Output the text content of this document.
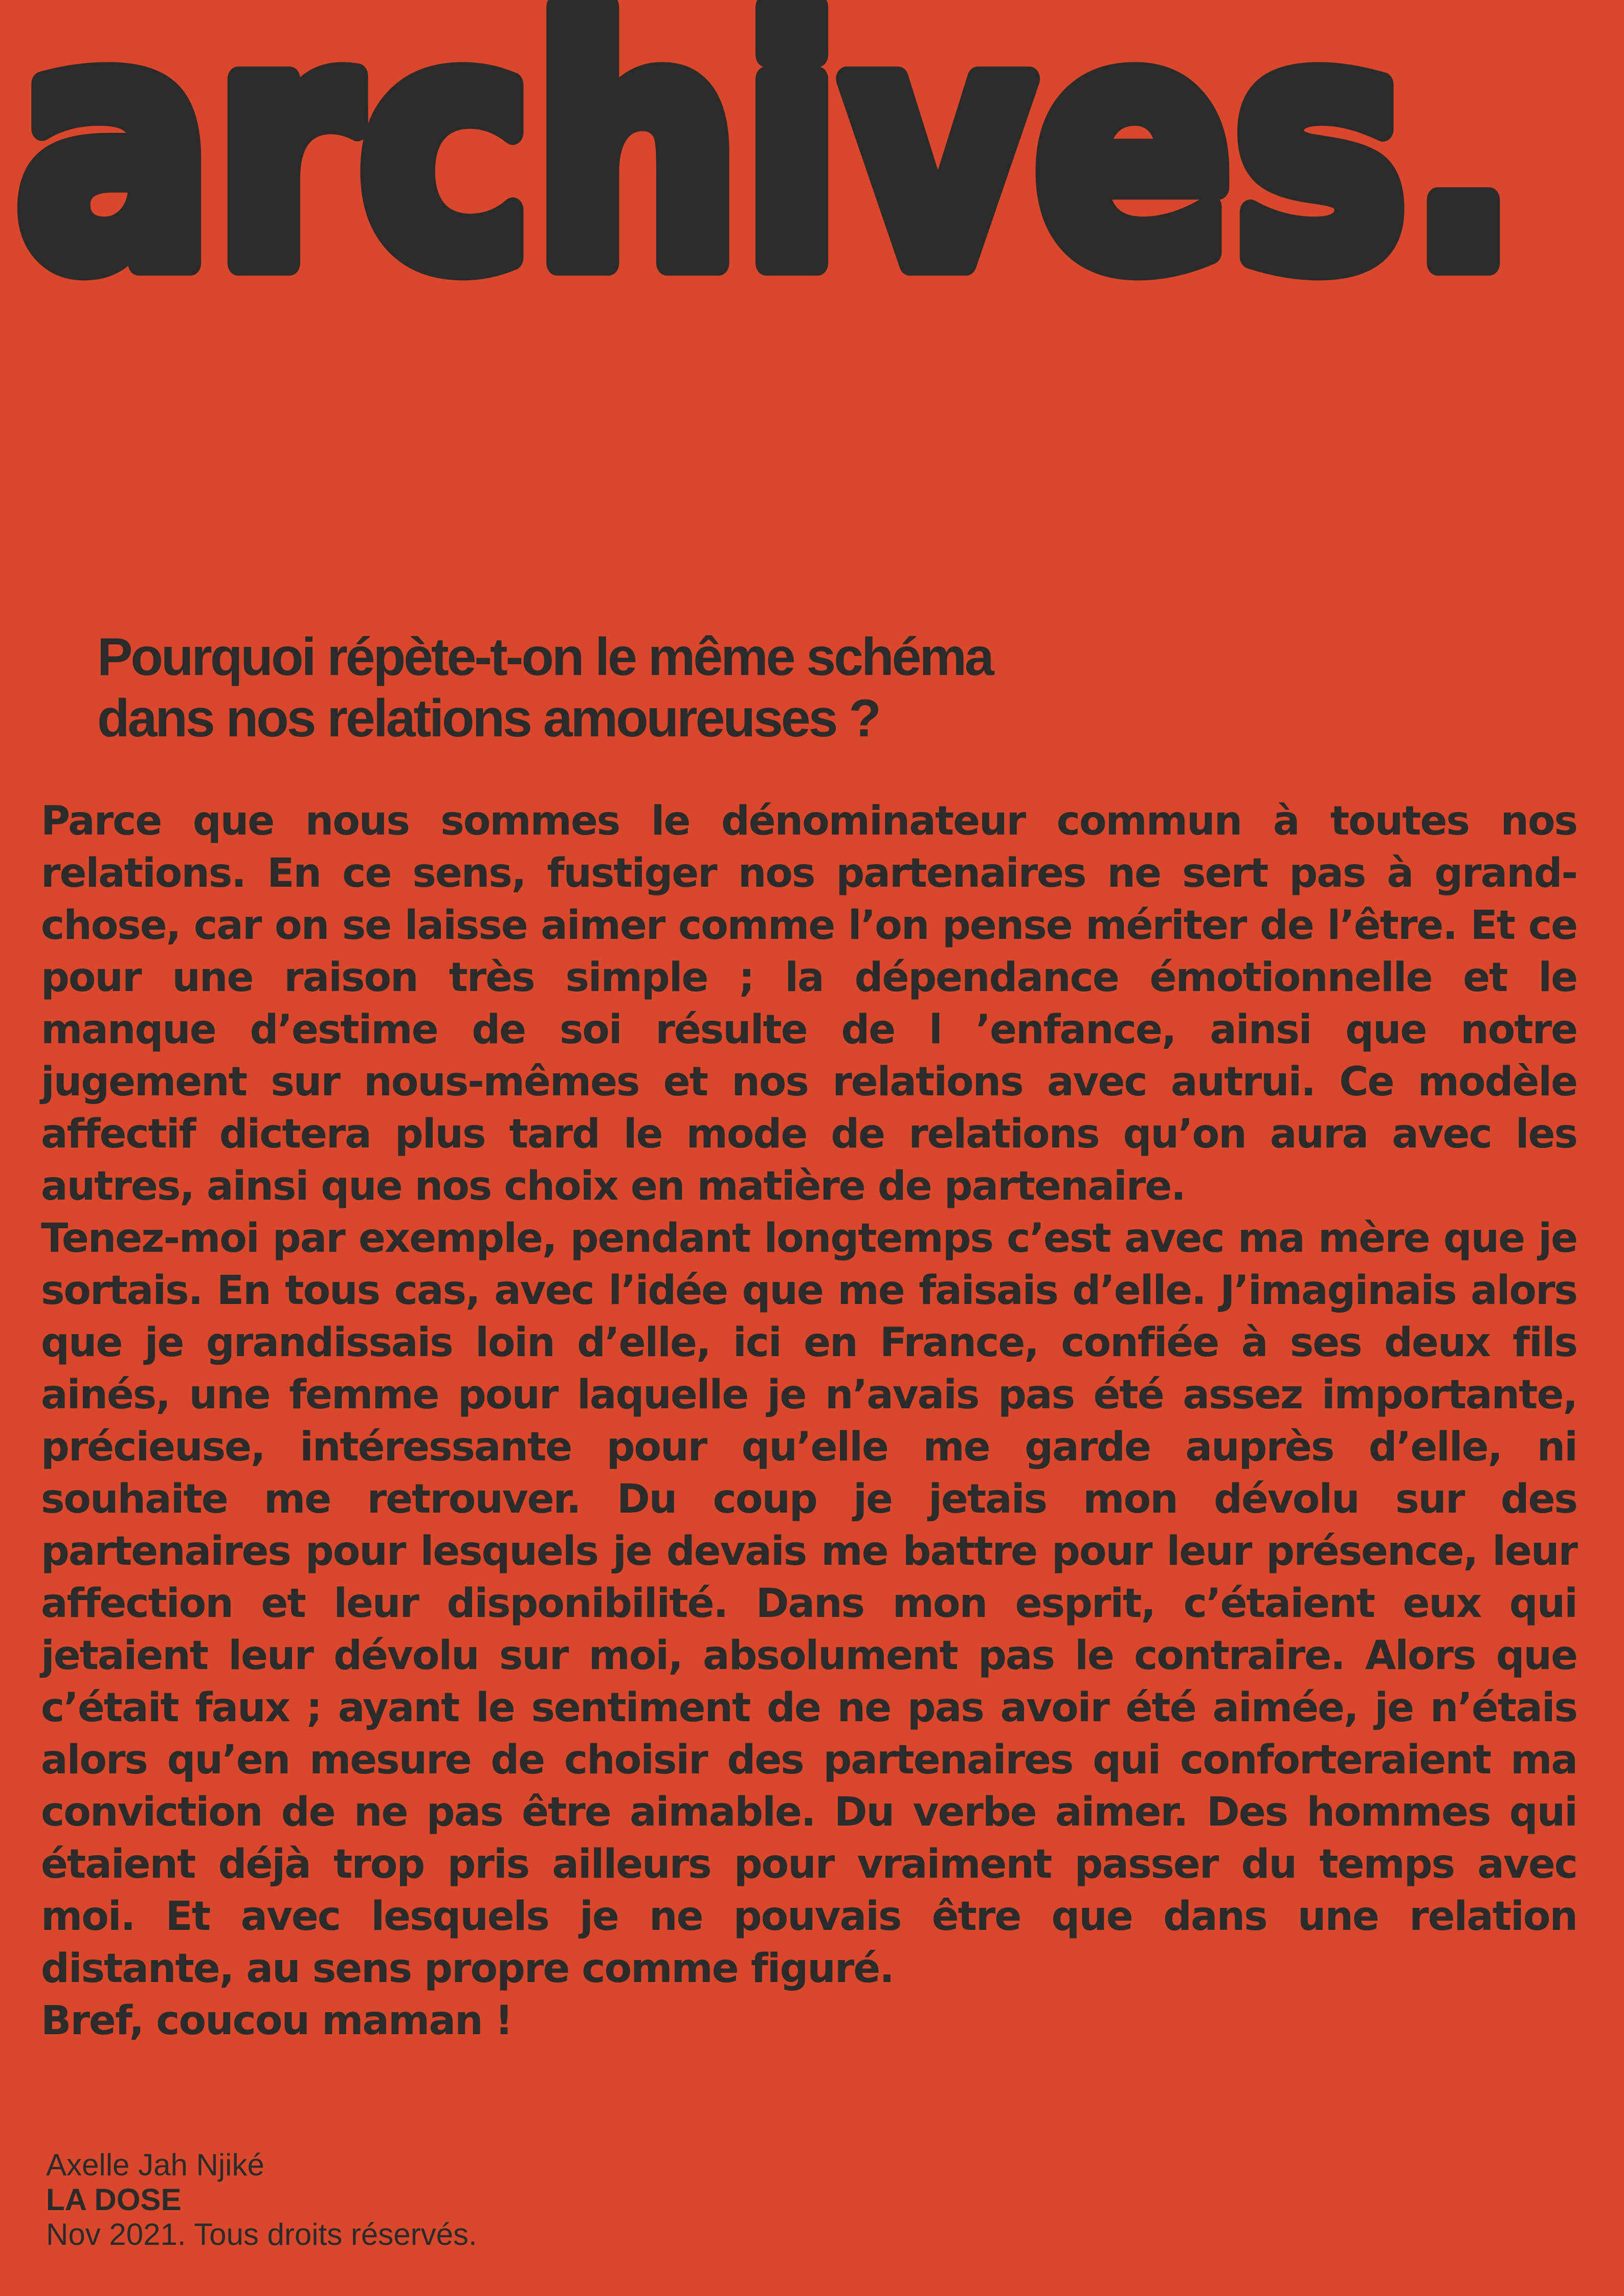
archives.
Pourquoi répète-t-on le même schéma
dans nos relations amoureuses ?

Parce que nous sommes le dénominateur commun à toutes nos relations. En ce sens, fustiger nos partenaires ne sert pas à grand-chose, car on se laisse aimer comme l’on pense mériter de l’être. Et ce pour une raison très simple ; la dépendance émotionnelle et le manque d’estime de soi résulte de l ’enfance, ainsi que notre jugement sur nous-mêmes et nos relations avec autrui. Ce modèle affectif dictera plus tard le mode de relations qu’on aura avec les autres, ainsi que nos choix en matière de partenaire.

Tenez-moi par exemple, pendant longtemps c’est avec ma mère que je sortais. En tous cas, avec l’idée que me faisais d’elle. J’imaginais alors que je grandissais loin d’elle, ici en France, confiée à ses deux fils ainés, une femme pour laquelle je n’avais pas été assez importante, précieuse, intéressante pour qu’elle me garde auprès d’elle, ni souhaite me retrouver. Du coup je jetais mon dévolu sur des partenaires pour lesquels je devais me battre pour leur présence, leur affection et leur disponibilité. Dans mon esprit, c’étaient eux qui jetaient leur dévolu sur moi, absolument pas le contraire. Alors que c’était faux ; ayant le sentiment de ne pas avoir été aimée, je n’étais alors qu’en mesure de choisir des partenaires qui conforteraient ma conviction de ne pas être aimable. Du verbe aimer. Des hommes qui étaient déjà trop pris ailleurs pour vraiment passer du temps avec moi. Et avec lesquels je ne pouvais être que dans une relation distante, au sens propre comme figuré.

Bref, coucou maman !

Axelle Jah Njiké
LA DOSE
Nov 2021. Tous droits réservés.
